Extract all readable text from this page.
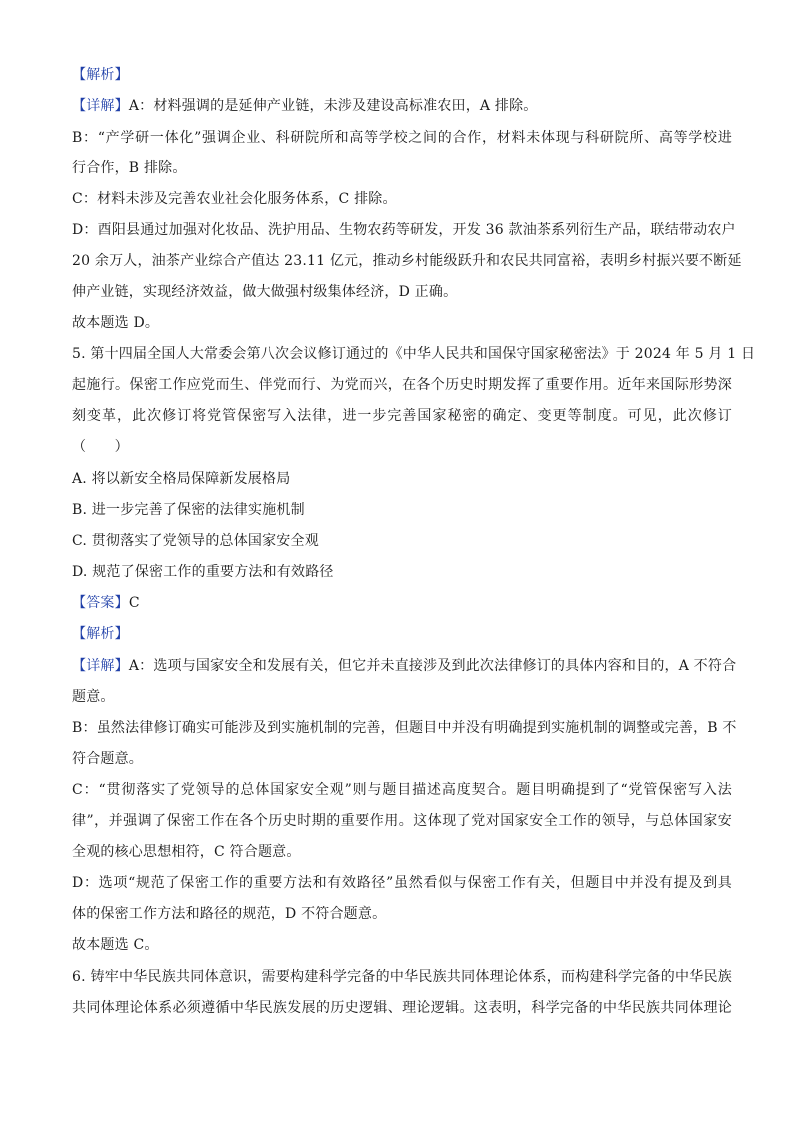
【解析】
【详解】A：材料强调的是延伸产业链，未涉及建设高标准农田，A 排除。
B：“产学研一体化”强调企业、科研院所和高等学校之间的合作，材料未体现与科研院所、高等学校进
行合作，B 排除。
C：材料未涉及完善农业社会化服务体系，C 排除。
D：酉阳县通过加强对化妆品、洗护用品、生物农药等研发，开发 36 款油茶系列衍生产品，联结带动农户
20 余万人，油茶产业综合产值达 23.11 亿元，推动乡村能级跃升和农民共同富裕，表明乡村振兴要不断延
伸产业链，实现经济效益，做大做强村级集体经济，D 正确。
故本题选 D。
5. 第十四届全国人大常委会第八次会议修订通过的《中华人民共和国保守国家秘密法》于 2024 年 5 月 1 日
起施行。保密工作应党而生、伴党而行、为党而兴，在各个历史时期发挥了重要作用。近年来国际形势深
刻变革，此次修订将党管保密写入法律，进一步完善国家秘密的确定、变更等制度。可见，此次修订
（　　）
A. 将以新安全格局保障新发展格局
B. 进一步完善了保密的法律实施机制
C. 贯彻落实了党领导的总体国家安全观
D. 规范了保密工作的重要方法和有效路径
【答案】C
【解析】
【详解】A：选项与国家安全和发展有关，但它并未直接涉及到此次法律修订的具体内容和目的，A 不符合
题意。
B：虽然法律修订确实可能涉及到实施机制的完善，但题目中并没有明确提到实施机制的调整或完善，B 不
符合题意。
C：“贯彻落实了党领导的总体国家安全观”则与题目描述高度契合。题目明确提到了“党管保密写入法
律”，并强调了保密工作在各个历史时期的重要作用。这体现了党对国家安全工作的领导，与总体国家安
全观的核心思想相符，C 符合题意。
D：选项“规范了保密工作的重要方法和有效路径”虽然看似与保密工作有关，但题目中并没有提及到具
体的保密工作方法和路径的规范，D 不符合题意。
故本题选 C。
6. 铸牢中华民族共同体意识，需要构建科学完备的中华民族共同体理论体系，而构建科学完备的中华民族
共同体理论体系必须遵循中华民族发展的历史逻辑、理论逻辑。这表明，科学完备的中华民族共同体理论
